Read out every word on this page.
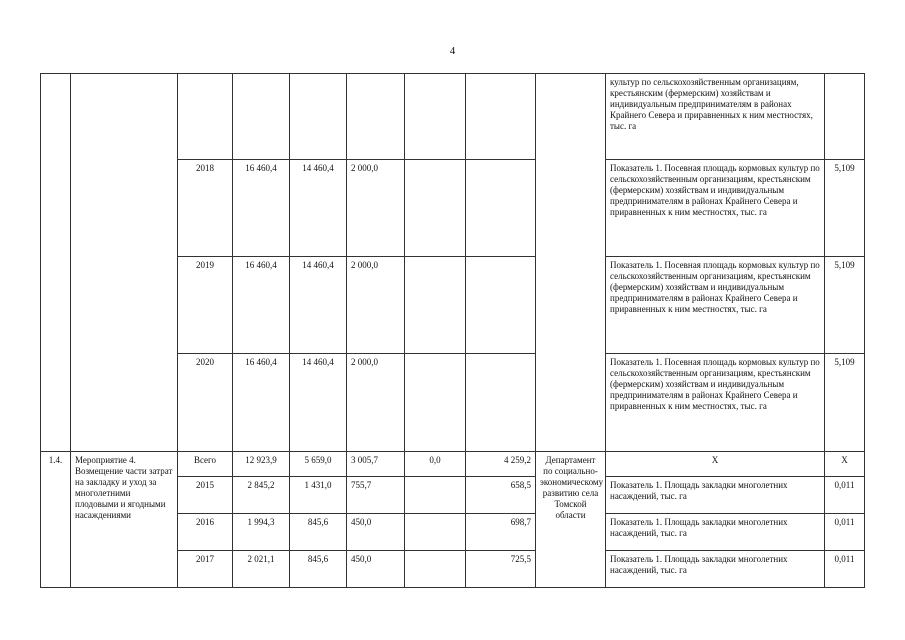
4
									культур по сельскохозяйственным организациям, крестьянским (фермерским) хозяйствам и индивидуальным предпринимателям в районах Крайнего Севера и приравненных к ним местностях, тыс. га	
		2018	16 460,4	14 460,4	2 000,0				Показатель 1. Посевная площадь кормовых культур по сельскохозяйственным организациям, крестьянским (фермерским) хозяйствам и индивидуальным предпринимателям в районах Крайнего Севера и приравненных к ним местностях, тыс. га	5,109
		2019	16 460,4	14 460,4	2 000,0				Показатель 1. Посевная площадь кормовых культур по сельскохозяйственным организациям, крестьянским (фермерским) хозяйствам и индивидуальным предпринимателям в районах Крайнего Севера и приравненных к ним местностях, тыс. га	5,109
		2020	16 460,4	14 460,4	2 000,0				Показатель 1. Посевная площадь кормовых культур по сельскохозяйственным организациям, крестьянским (фермерским) хозяйствам и индивидуальным предпринимателям в районах Крайнего Севера и приравненных к ним местностях, тыс. га	5,109
1.4.	Мероприятие 4. Возмещение части затрат на закладку и уход за многолетними плодовыми и ягодными насаждениями	Всего	12 923,9	5 659,0	3 005,7	0,0	4 259,2	Департамент по социально-экономическому развитию села Томской области	X	X
		2015	2 845,2	1 431,0	755,7		658,5		Показатель 1. Площадь закладки многолетних насаждений, тыс. га	0,011
		2016	1 994,3	845,6	450,0		698,7		Показатель 1. Площадь закладки многолетних насаждений, тыс. га	0,011
		2017	2 021,1	845,6	450,0		725,5		Показатель 1. Площадь закладки многолетних насаждений, тыс. га	0,011
